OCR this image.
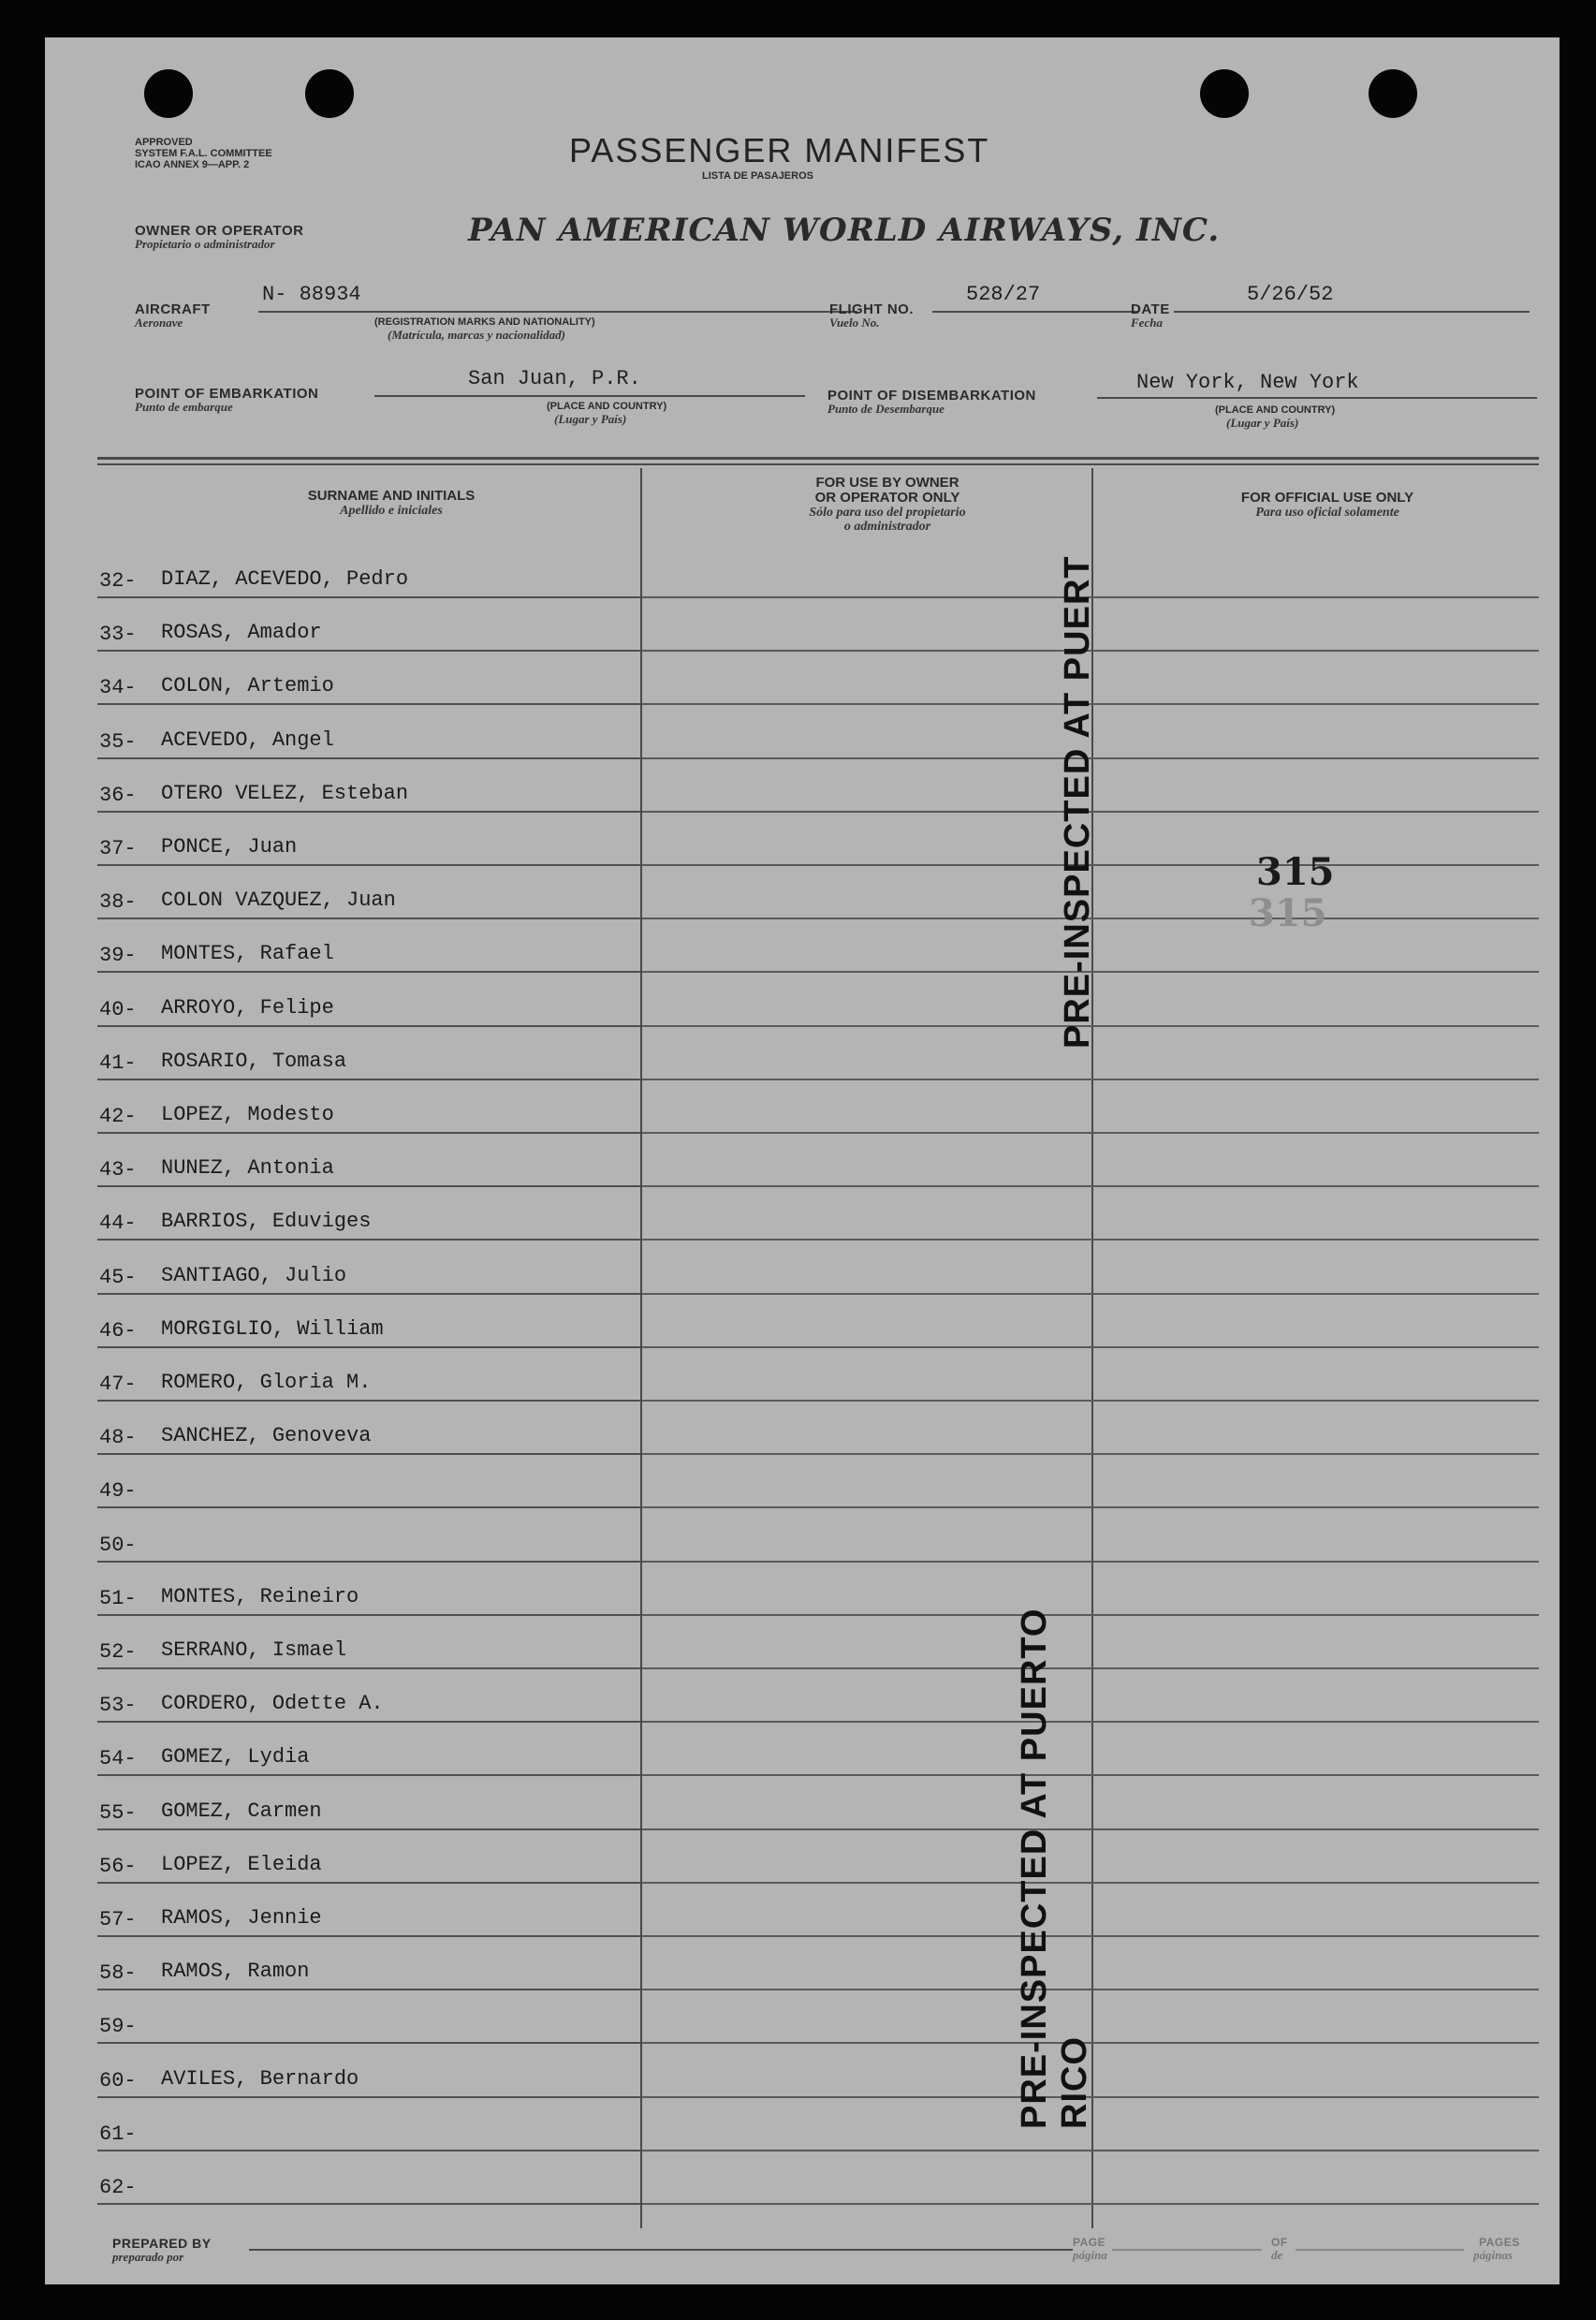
APPROVED
SYSTEM F.A.L. COMMITTEE
ICAO ANNEX 9—APP. 2	PASSENGER MANIFEST
LISTA DE PASAJEROS
OWNER OR OPERATOR
Propietario o administrador	PAN AMERICAN WORLD AIRWAYS, INC.
AIRCRAFT
Aeronave
N- 88934
(REGISTRATION MARKS AND NATIONALITY)
(Matrícula, marcas y nacionalidad)
FLIGHT NO.
Vuelo No.
528/27
DATE
Fecha
5/26/52
POINT OF EMBARKATION
Punto de embarque
San Juan, P.R.
(PLACE AND COUNTRY)
(Lugar y País)
POINT OF DISEMBARKATION
Punto de Desembarque
New York, New York
(PLACE AND COUNTRY)
(Lugar y País)
SURNAME AND INITIALS
Apellido e iniciales
FOR USE BY OWNER
OR OPERATOR ONLY
Sólo para uso del propietario
o administrador
FOR OFFICIAL USE ONLY
Para uso oficial solamente
32- DIAZ, ACEVEDO, Pedro
33- ROSAS, Amador
34- COLON, Artemio
35- ACEVEDO, Angel
36- OTERO VELEZ, Esteban
37- PONCE, Juan
38- COLON VAZQUEZ, Juan
39- MONTES, Rafael
40- ARROYO, Felipe
41- ROSARIO, Tomasa
42- LOPEZ, Modesto
43- NUNEZ, Antonia
44- BARRIOS, Eduviges
45- SANTIAGO, Julio
46- MORGIGLIO, William
47- ROMERO, Gloria M.
48- SANCHEZ, Genoveva
49-
50-
51- MONTES, Reineiro
52- SERRANO, Ismael
53- CORDERO, Odette A.
54- GOMEZ, Lydia
55- GOMEZ, Carmen
56- LOPEZ, Eleida
57- RAMOS, Jennie
58- RAMOS, Ramon
59-
60- AVILES, Bernardo
61-
62-
315
315
PRE-INSPECTED AT PUERT
PRE-INSPECTED AT PUERTO RICO
PREPARED BY
preparado por
PAGE
página
OF
de
PAGES
páginas
